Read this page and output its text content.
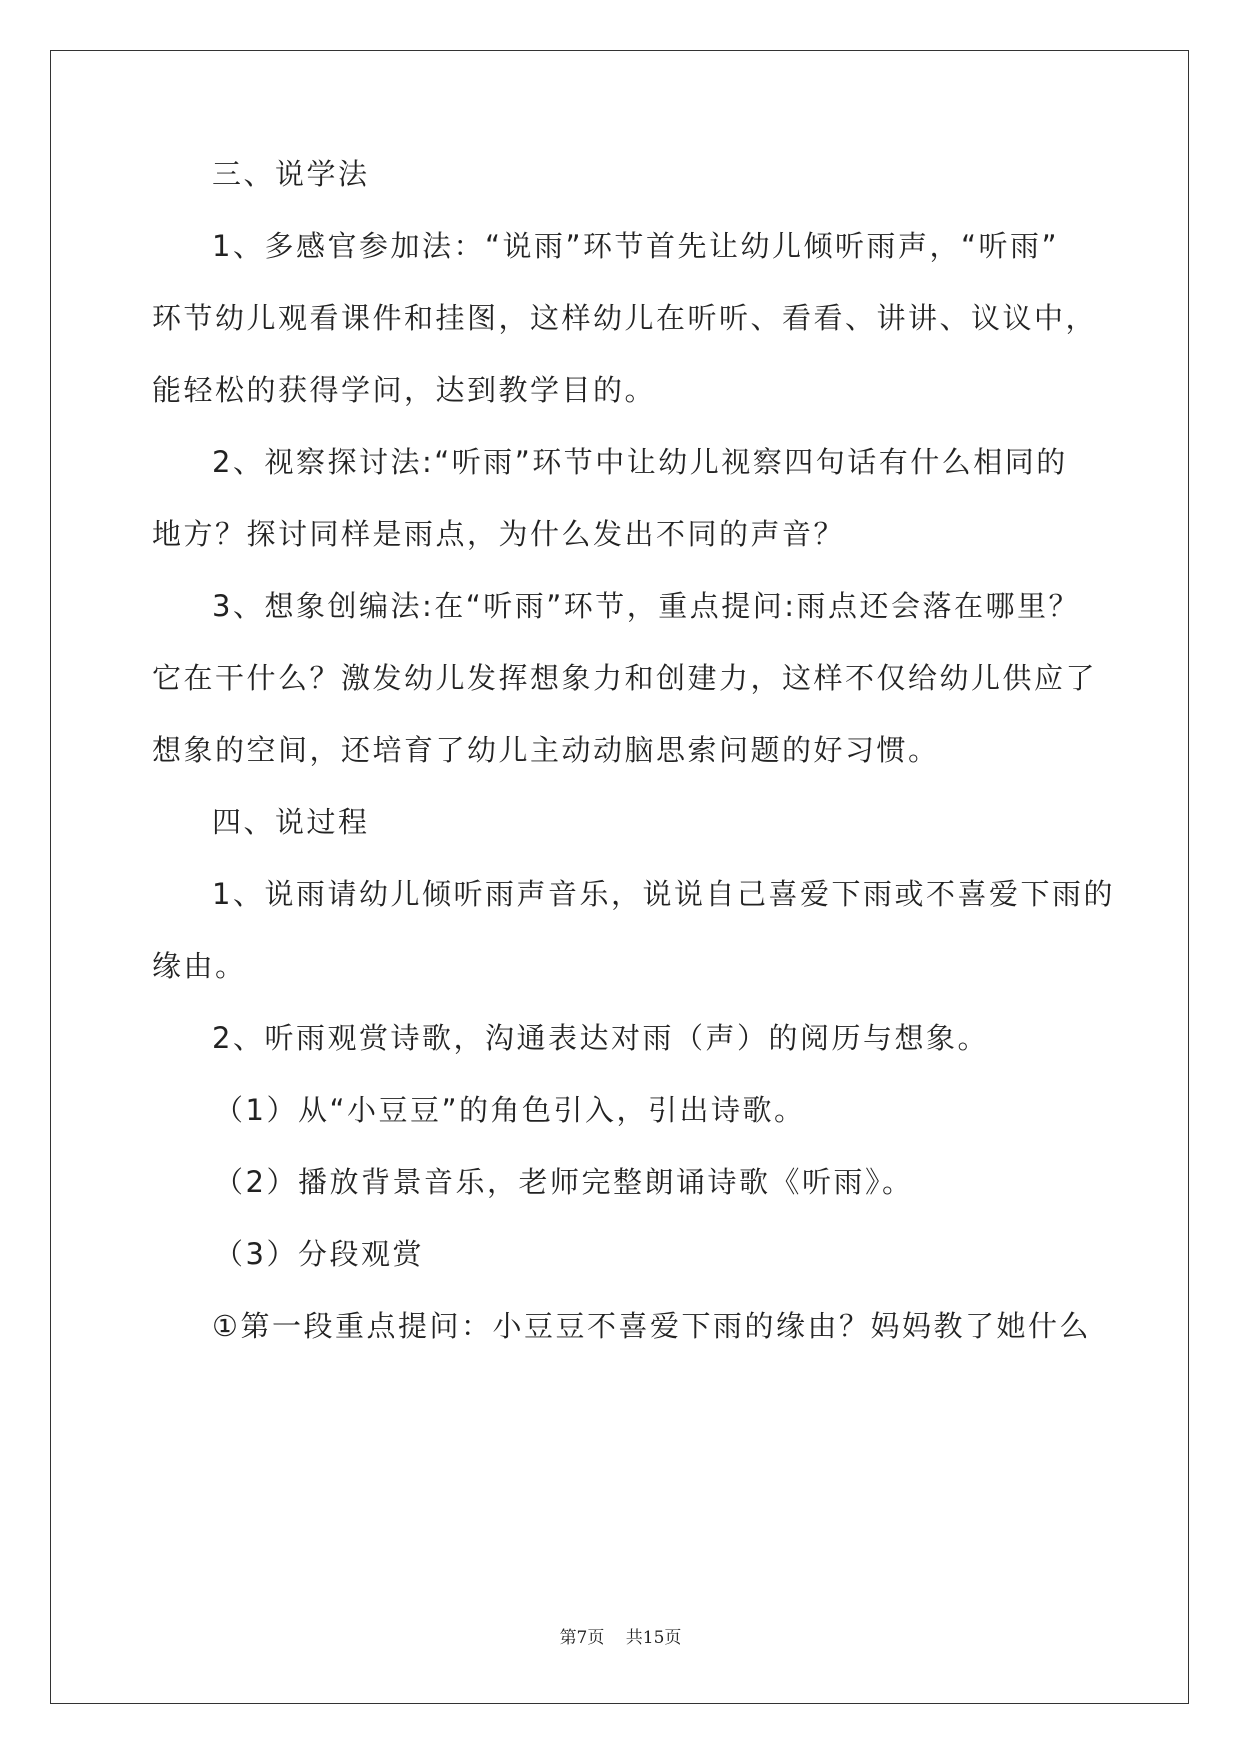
三、说学法
1、多感官参加法：“说雨”环节首先让幼儿倾听雨声，“听雨”
环节幼儿观看课件和挂图，这样幼儿在听听、看看、讲讲、议议中，
能轻松的获得学问，达到教学目的。
2、视察探讨法:“听雨”环节中让幼儿视察四句话有什么相同的
地方？探讨同样是雨点，为什么发出不同的声音？
3、想象创编法:在“听雨”环节，重点提问:雨点还会落在哪里？
它在干什么？激发幼儿发挥想象力和创建力，这样不仅给幼儿供应了
想象的空间，还培育了幼儿主动动脑思索问题的好习惯。
四、说过程
1、说雨请幼儿倾听雨声音乐，说说自己喜爱下雨或不喜爱下雨的
缘由。
2、听雨观赏诗歌，沟通表达对雨（声）的阅历与想象。
（1）从“小豆豆”的角色引入，引出诗歌。
（2）播放背景音乐，老师完整朗诵诗歌《听雨》。
（3）分段观赏
①第一段重点提问：小豆豆不喜爱下雨的缘由？妈妈教了她什么
第7页 共15页
